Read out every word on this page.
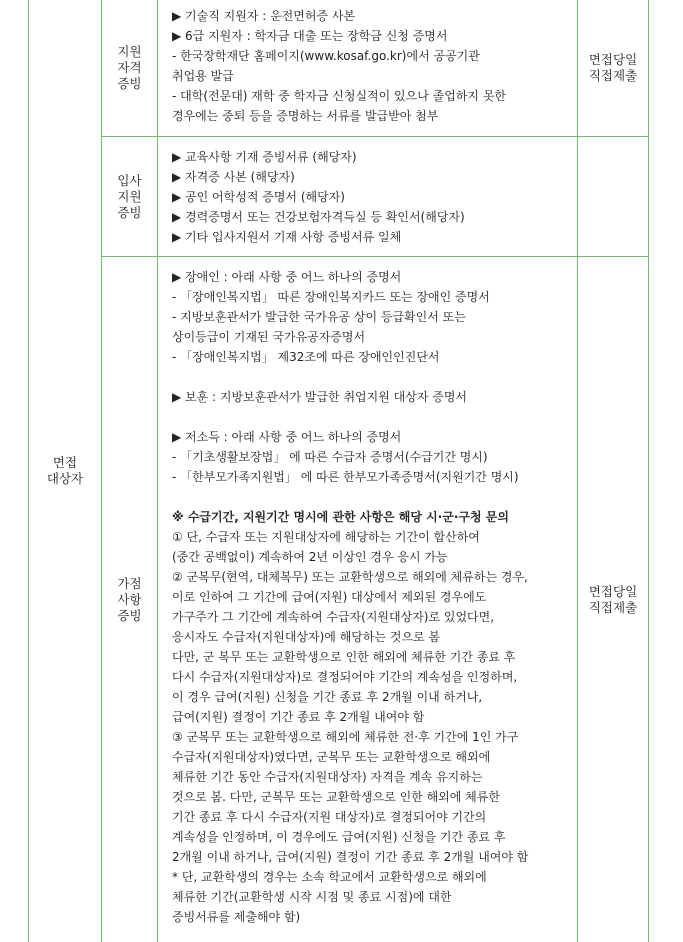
면접
대상자
지원
자격
증빙
▶ 기술직 지원자 : 운전면허증 사본
▶ 6급 지원자 : 학자금 대출 또는 장학금 신청 증명서
- 한국장학재단 홈페이지(www.kosaf.go.kr)에서 공공기관
취업용 발급
- 대학(전문대) 재학 중 학자금 신청실적이 있으나 졸업하지 못한
경우에는 중퇴 등을 증명하는 서류를 발급받아 첨부
면접당일
직접제출
입사
지원
증빙
▶ 교육사항 기재 증빙서류 (해당자)
▶ 자격증 사본 (해당자)
▶ 공인 어학성적 증명서 (해당자)
▶ 경력증명서 또는 건강보험자격득실 등 확인서(해당자)
▶ 기타 입사지원서 기재 사항 증빙서류 일체
가점
사항
증빙
▶ 장애인 : 아래 사항 중 어느 하나의 증명서
- 「장애인복지법」 따른 장애인복지카드 또는 장애인 증명서
- 지방보훈관서가 발급한 국가유공 상이 등급확인서 또는
상이등급이 기재된 국가유공자증명서
- 「장애인복지법」 제32조에 따른 장애인인진단서
▶ 보훈 : 지방보훈관서가 발급한 취업지원 대상자 증명서
▶ 저소득 : 아래 사항 중 어느 하나의 증명서
- 「기초생활보장법」 에 따른 수급자 증명서(수급기간 명시)
- 「한부모가족지원법」 에 따른 한부모가족증명서(지원기간 명시)
※ 수급기간, 지원기간 명시에 관한 사항은 해당 시·군·구청 문의
① 단, 수급자 또는 지원대상자에 해당하는 기간이 합산하여
(중간 공백없이) 계속하여 2년 이상인 경우 응시 가능
② 군복무(현역, 대체복무) 또는 교환학생으로 해외에 체류하는 경우,
이로 인하여 그 기간에 급여(지원) 대상에서 제외된 경우에도
가구주가 그 기간에 계속하여 수급자(지원대상자)로 있었다면,
응시자도 수급자(지원대상자)에 해당하는 것으로 봄
다만, 군 복무 또는 교환학생으로 인한 해외에 체류한 기간 종료 후
다시 수급자(지원대상자)로 결정되어야 기간의 계속성을 인정하며,
이 경우 급여(지원) 신청을 기간 종료 후 2개월 이내 하거나,
급여(지원) 결정이 기간 종료 후 2개월 내여야 함
③ 군복무 또는 교환학생으로 해외에 체류한 전·후 기간에 1인 가구
수급자(지원대상자)였다면, 군복무 또는 교환학생으로 해외에
체류한 기간 동안 수급자(지원대상자) 자격을 계속 유지하는
것으로 봄. 다만, 군복무 또는 교환학생으로 인한 해외에 체류한
기간 종료 후 다시 수급자(지원 대상자)로 결정되어야 기간의
계속성을 인정하며, 이 경우에도 급여(지원) 신청을 기간 종료 후
2개월 이내 하거나, 급여(지원) 결정이 기간 종료 후 2개월 내여야 함
* 단, 교환학생의 경우는 소속 학교에서 교환학생으로 해외에
체류한 기간(교환학생 시작 시점 및 종료 시점)에 대한
증빙서류를 제출해야 함)
면접당일
직접제출
